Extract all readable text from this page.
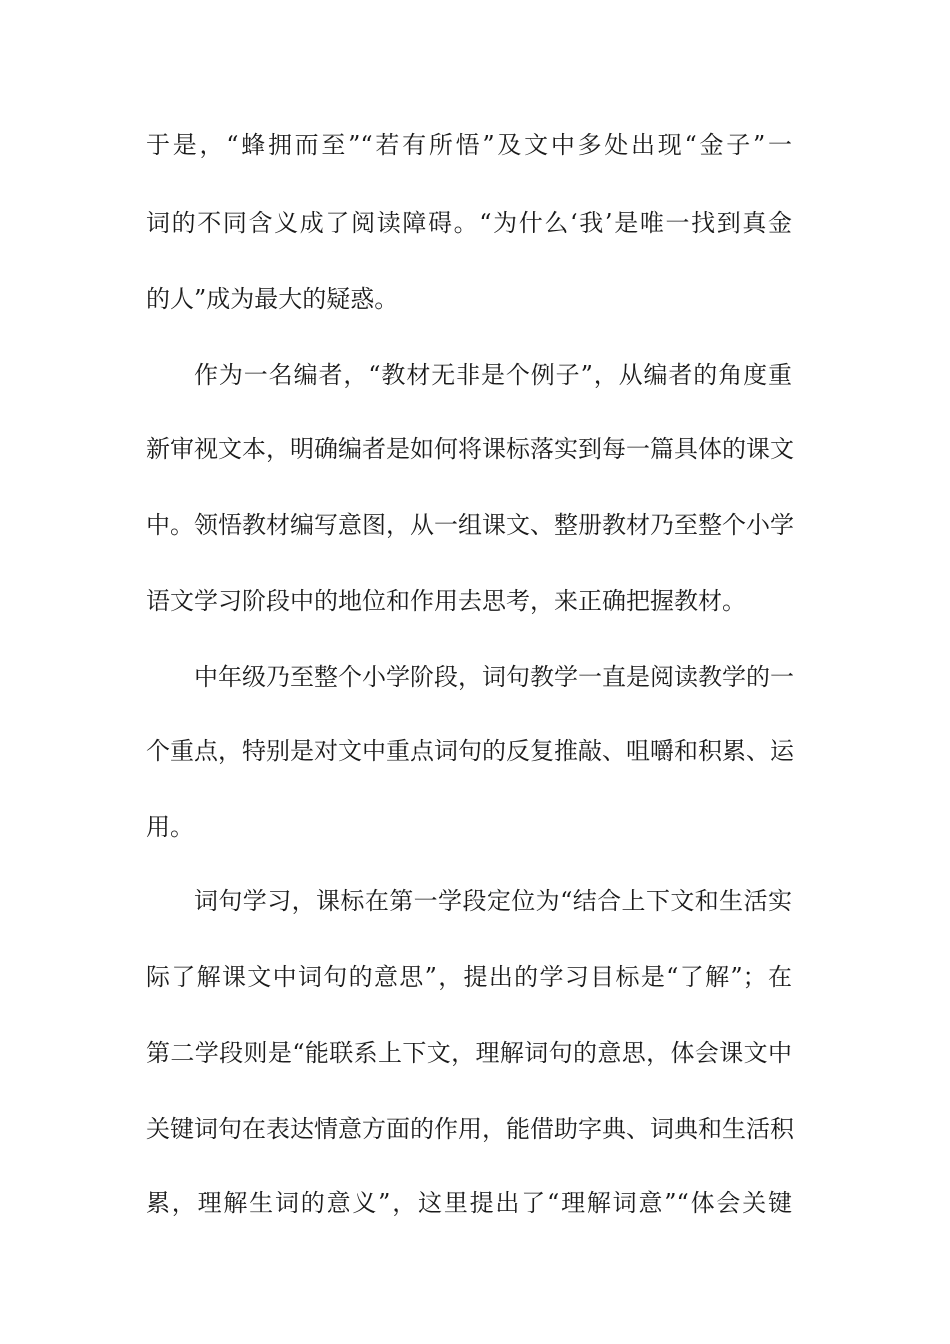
于是，“蜂拥而至”“若有所悟”及文中多处出现“金子”一

词的不同含义成了阅读障碍。“为什么‘我’是唯一找到真金

的人”成为最大的疑惑。

作为一名编者，“教材无非是个例子”，从编者的角度重

新审视文本，明确编者是如何将课标落实到每一篇具体的课文

中。领悟教材编写意图，从一组课文、整册教材乃至整个小学

语文学习阶段中的地位和作用去思考，来正确把握教材。

中年级乃至整个小学阶段，词句教学一直是阅读教学的一

个重点，特别是对文中重点词句的反复推敲、咀嚼和积累、运

用。

词句学习，课标在第一学段定位为“结合上下文和生活实

际了解课文中词句的意思”，提出的学习目标是“了解”；在

第二学段则是“能联系上下文，理解词句的意思，体会课文中

关键词句在表达情意方面的作用，能借助字典、词典和生活积

累，理解生词的意义”，这里提出了“理解词意”“体会关键
